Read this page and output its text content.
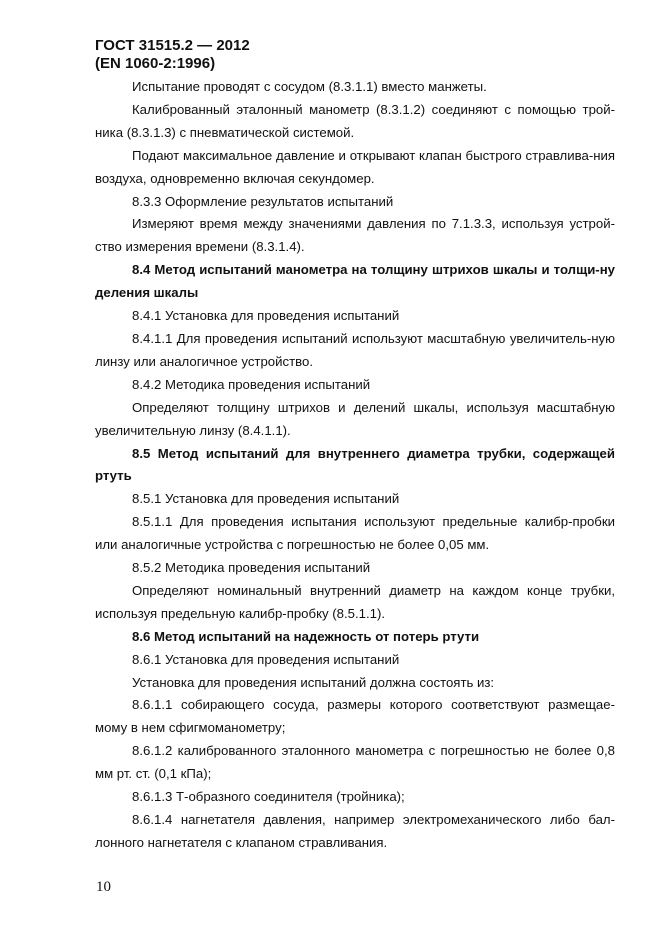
ГОСТ 31515.2 — 2012
(EN 1060-2:1996)

Испытание проводят с сосудом (8.3.1.1) вместо манжеты.

Калиброванный эталонный манометр (8.3.1.2) соединяют с помощью трой-ника (8.3.1.3) с пневматической системой.

Подают максимальное давление и открывают клапан быстрого стравлива-ния воздуха, одновременно включая секундомер.

8.3.3 Оформление результатов испытаний

Измеряют время между значениями давления по 7.1.3.3, используя устрой-ство измерения времени (8.3.1.4).

8.4 Метод испытаний манометра на толщину штрихов шкалы и толщи-ну деления шкалы

8.4.1 Установка для проведения испытаний

8.4.1.1 Для проведения испытаний используют масштабную увеличитель-ную линзу или аналогичное устройство.

8.4.2 Методика проведения испытаний

Определяют толщину штрихов и делений шкалы, используя масштабную увеличительную линзу (8.4.1.1).

8.5 Метод испытаний для внутреннего диаметра трубки, содержащей ртуть

8.5.1 Установка для проведения испытаний

8.5.1.1 Для проведения испытания используют предельные калибр-пробки или аналогичные устройства с погрешностью не более 0,05 мм.

8.5.2 Методика проведения испытаний

Определяют номинальный внутренний диаметр на каждом конце трубки, используя предельную калибр-пробку (8.5.1.1).

8.6 Метод испытаний на надежность от потерь ртути

8.6.1 Установка для проведения испытаний

Установка для проведения испытаний должна состоять из:

8.6.1.1 собирающего сосуда, размеры которого соответствуют размещае-мому в нем сфигмоманометру;

8.6.1.2 калиброванного эталонного манометра с погрешностью не более 0,8 мм рт. ст. (0,1 кПа);

8.6.1.3 Т-образного соединителя (тройника);

8.6.1.4 нагнетателя давления, например электромеханического либо бал-лонного нагнетателя с клапаном стравливания.

10
